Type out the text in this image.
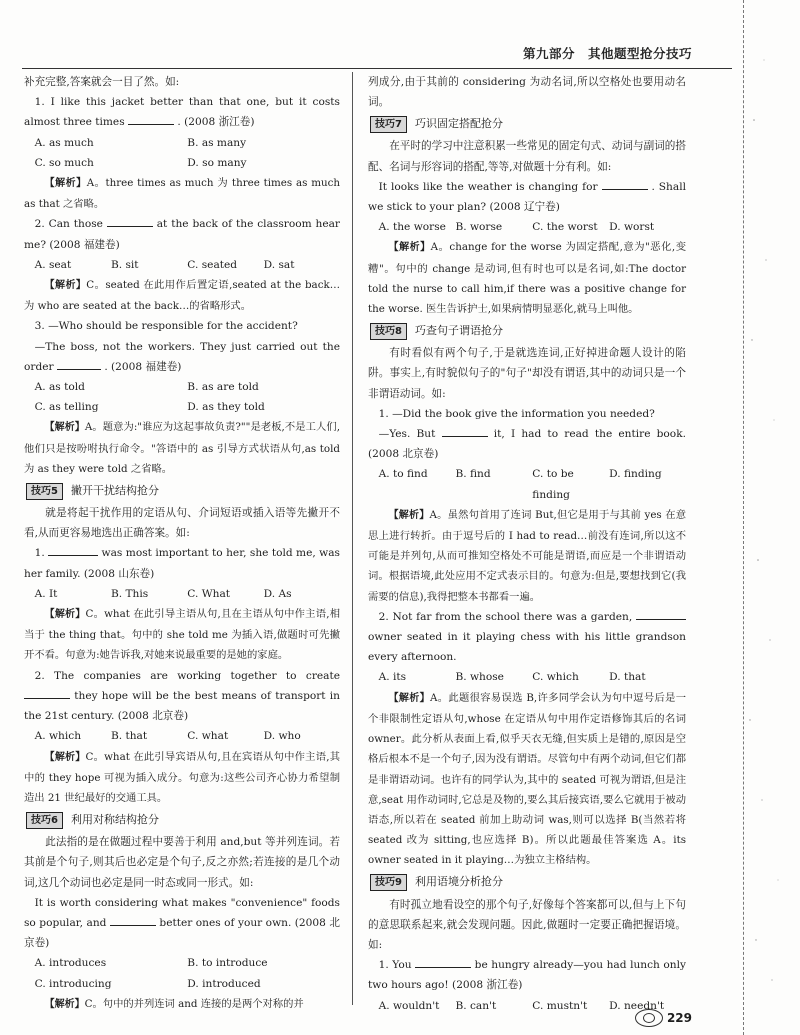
第九部分　其他题型抢分技巧

补充完整,答案就会一目了然。如:

1. I like this jacket better than that one, but it costs almost three times	. (2008 浙江卷)

A. as much	B. as many
C. so much	D. so many

【解析】A。three times as much 为 three times as much as that 之省略。

2. Can those	at the back of the classroom hear me? (2008 福建卷)

A. seat	B. sit	C. seated	D. sat

【解析】C。seated 在此用作后置定语,seated at the back…为 who are seated at the back…的省略形式。

3. —Who should be responsible for the accident?

—The boss, not the workers. They just carried out the order	. (2008 福建卷)

A. as told	B. as are told
C. as telling	D. as they told

【解析】A。题意为:"谁应为这起事故负责?""是老板,不是工人们,他们只是按吩咐执行命令。"答语中的 as 引导方式状语从句,as told 为 as they were told 之省略。

技巧5	撇开干扰结构抢分

就是将起干扰作用的定语从句、介词短语或插入语等先撇开不看,从而更容易地选出正确答案。如:

1.	was most important to her, she told me, was her family. (2008 山东卷)

A. It	B. This	C. What	D. As

【解析】C。what 在此引导主语从句,且在主语从句中作主语,相当于 the thing that。句中的 she told me 为插入语,做题时可先撇开不看。句意为:她告诉我,对她来说最重要的是她的家庭。

2. The companies are working together to create  they hope will be the best means of transport in the 21st century. (2008 北京卷)

A. which	B. that	C. what	D. who

【解析】C。what 在此引导宾语从句,且在宾语从句中作主语,其中的 they hope 可视为插入成分。句意为:这些公司齐心协力希望制造出 21 世纪最好的交通工具。

技巧6	利用对称结构抢分

此法指的是在做题过程中要善于利用 and,but 等并列连词。若其前是个句子,则其后也必定是个句子,反之亦然;若连接的是几个动词,这几个动词也必定是同一时态或同一形式。如:

It is worth considering what makes "convenience" foods so popular, and	better ones of your own. (2008 北京卷)

A. introduces	B. to introduce
C. introducing	D. introduced

【解析】C。句中的并列连词 and 连接的是两个对称的并

列成分,由于其前的 considering 为动名词,所以空格处也要用动名词。

技巧7	巧识固定搭配抢分

在平时的学习中注意积累一些常见的固定句式、动词与副词的搭配、名词与形容词的搭配,等等,对做题十分有利。如:

It looks like the weather is changing for	. Shall we stick to your plan? (2008 辽宁卷)

A. the worse B. worse	C. the worst	D. worst

【解析】A。change for the worse 为固定搭配,意为"恶化,变糟"。句中的 change 是动词,但有时也可以是名词,如:The doctor told the nurse to call him,if there was a positive change for the worse. 医生告诉护士,如果病情明显恶化,就马上叫他。

技巧8	巧查句子谓语抢分

有时看似有两个句子,于是就选连词,正好掉进命题人设计的陷阱。事实上,有时貌似句子的"句子"却没有谓语,其中的动词只是一个非谓语动词。如:

1. —Did the book give the information you needed?

—Yes. But	it, I had to read the entire book. (2008 北京卷)

A. to find	B. find	C. to be finding
D. finding

【解析】A。虽然句首用了连词 But,但它是用于与其前 yes 在意思上进行转折。由于逗号后的 I had to read…前没有连词,所以这不可能是并列句,从而可推知空格处不可能是谓语,而应是一个非谓语动词。根据语境,此处应用不定式表示目的。句意为:但是,要想找到它(我需要的信息),我得把整本书都看一遍。

2. Not far from the school there was a garden,  owner seated in it playing chess with his little grandson every afternoon.

A. its	B. whose	C. which	D. that

【解析】A。此题很容易误选 B,许多同学会认为句中逗号后是一个非限制性定语从句,whose 在定语从句中用作定语修饰其后的名词 owner。此分析从表面上看,似乎天衣无缝,但实质上是错的,原因是空格后根本不是一个句子,因为没有谓语。尽管句中有两个动词,但它们都是非谓语动词。也许有的同学认为,其中的 seated 可视为谓语,但是注意,seat 用作动词时,它总是及物的,要么其后接宾语,要么它就用于被动语态,所以若在 seated 前加上助动词 was,则可以选择 B(当然若将 seated 改为 sitting,也应选择 B)。所以此题最佳答案选 A。its owner seated in it playing…为独立主格结构。

技巧9	利用语境分析抢分

有时孤立地看设空的那个句子,好像每个答案都可以,但与上下句的意思联系起来,就会发现问题。因此,做题时一定要正确把握语境。如:

1. You	be hungry already—you had lunch only two hours ago! (2008 浙江卷)

A. wouldn't	B. can't	C. mustn't	D. needn't
229
